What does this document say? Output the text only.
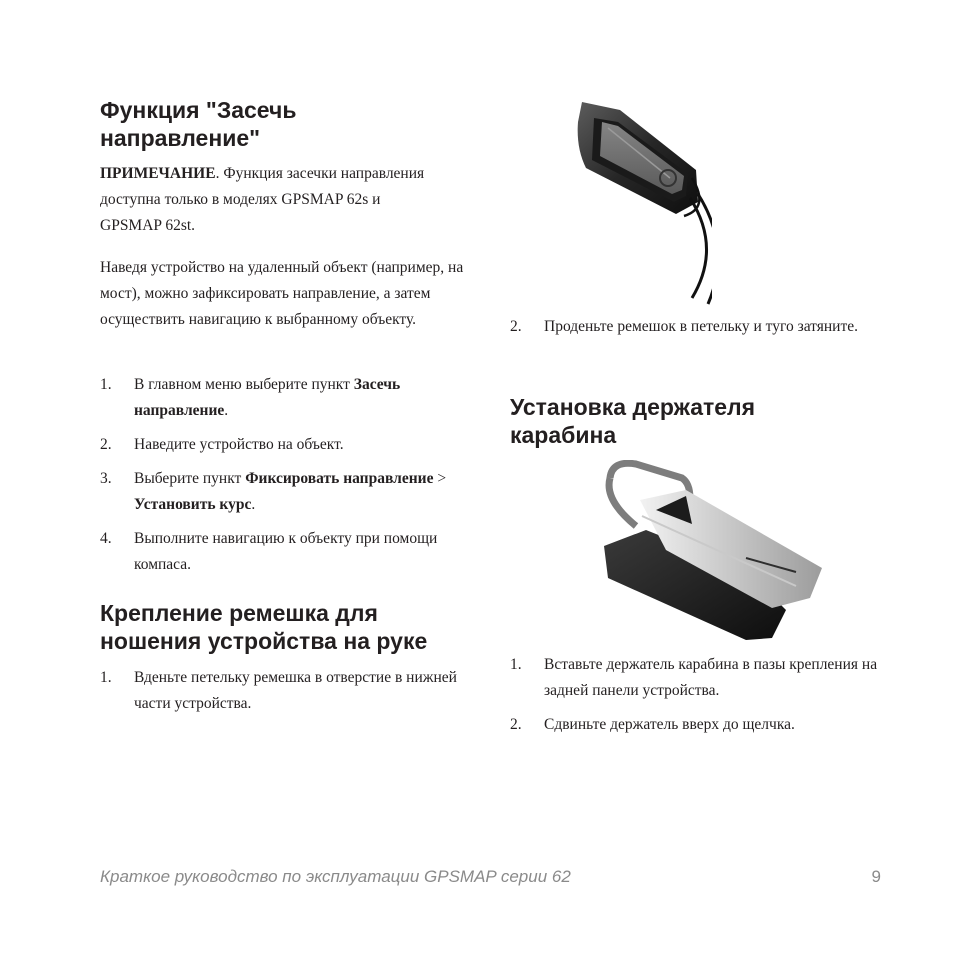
Функция "Засечь направление"

ПРИМЕЧАНИЕ. Функция засечки направления доступна только в моделях GPSMAP 62s и GPSMAP 62st.

Наведя устройство на удаленный объект (например, на мост), можно зафиксировать направление, а затем осуществить навигацию к выбранному объекту.

1. В главном меню выберите пункт Засечь направление.
2. Наведите устройство на объект.
3. Выберите пункт Фиксировать направление > Установить курс.
4. Выполните навигацию к объекту при помощи компаса.
Крепление ремешка для ношения устройства на руке
1. Вденьте петельку ремешка в отверстие в нижней части устройства.
2. Проденьте ремешок в петельку и туго затяните.
Установка держателя карабина
1. Вставьте держатель карабина в пазы крепления на задней панели устройства.
2. Сдвиньте держатель вверх до щелчка.
Краткое руководство по эксплуатации GPSMAP серии 62	9
